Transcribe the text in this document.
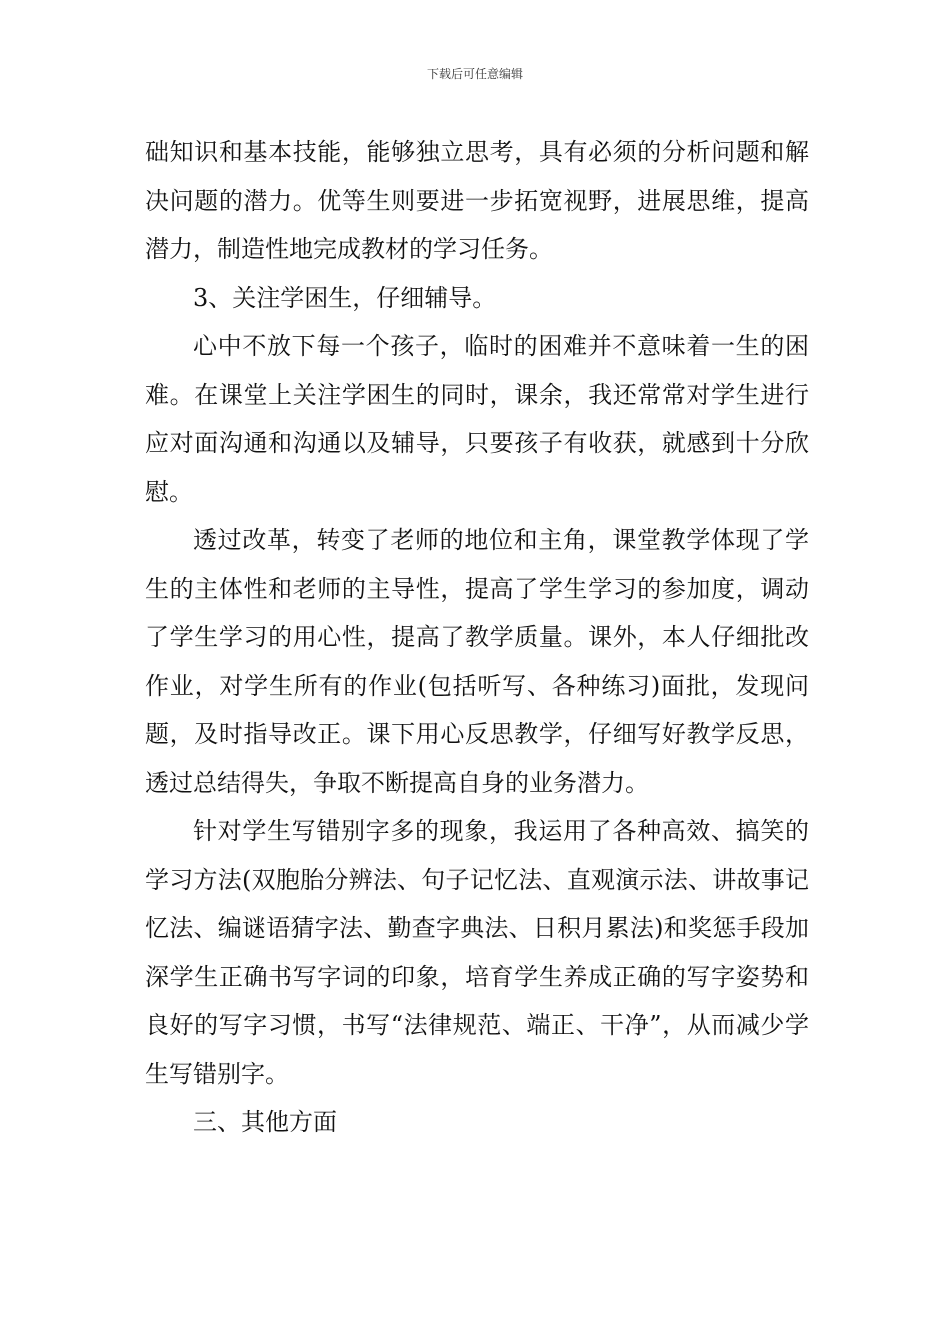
下载后可任意编辑

础知识和基本技能，能够独立思考，具有必须的分析问题和解决问题的潜力。优等生则要进一步拓宽视野，进展思维，提高潜力，制造性地完成教材的学习任务。

3、关注学困生，仔细辅导。

心中不放下每一个孩子，临时的困难并不意味着一生的困难。在课堂上关注学困生的同时，课余，我还常常对学生进行应对面沟通和沟通以及辅导，只要孩子有收获，就感到十分欣慰。

透过改革，转变了老师的地位和主角，课堂教学体现了学生的主体性和老师的主导性，提高了学生学习的参加度，调动了学生学习的用心性，提高了教学质量。课外，本人仔细批改作业，对学生所有的作业(包括听写、各种练习)面批，发现问题，及时指导改正。课下用心反思教学，仔细写好教学反思，透过总结得失，争取不断提高自身的业务潜力。

针对学生写错别字多的现象，我运用了各种高效、搞笑的学习方法(双胞胎分辨法、句子记忆法、直观演示法、讲故事记忆法、编谜语猜字法、勤查字典法、日积月累法)和奖惩手段加深学生正确书写字词的印象，培育学生养成正确的写字姿势和良好的写字习惯，书写“法律规范、端正、干净”，从而减少学生写错别字。

三、其他方面
